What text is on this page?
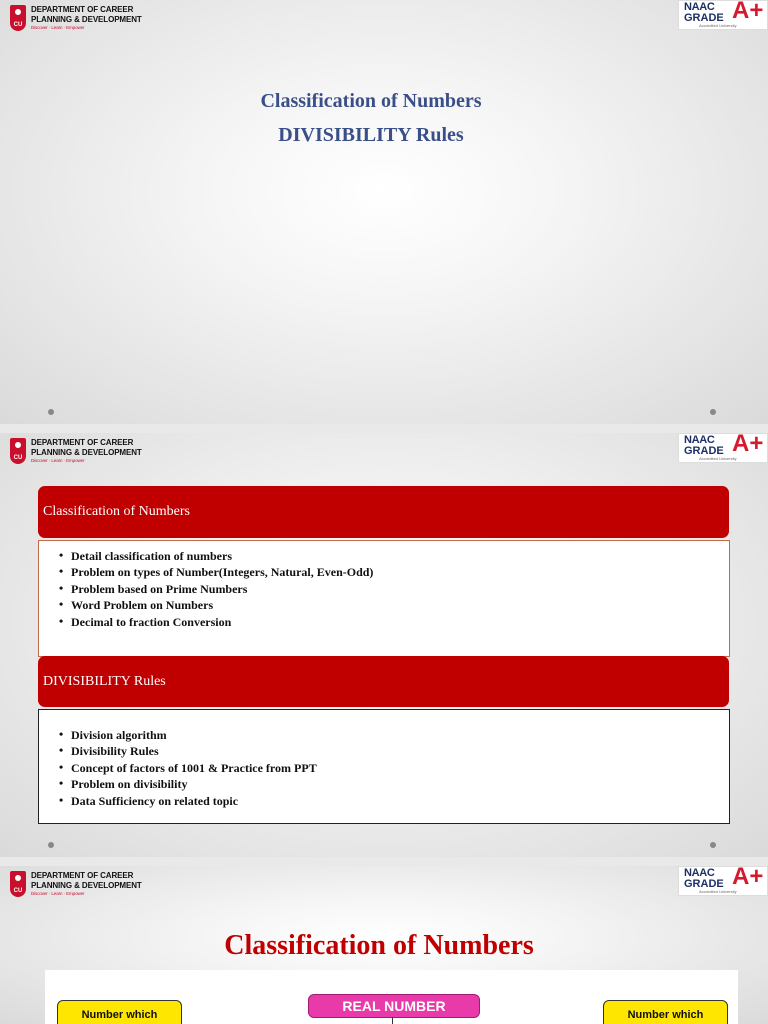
CU
DEPARTMENT OF CAREER
PLANNING & DEVELOPMENT
Discover · Learn · Empower
NAAC
GRADE A+
Accredited University
Classification of Numbers
DIVISIBILITY Rules
CU
DEPARTMENT OF CAREER
PLANNING & DEVELOPMENT
Discover · Learn · Empower
NAAC
GRADE A+
Accredited University
Classification of Numbers
• Detail classification of numbers
• Problem on types of Number(Integers, Natural, Even-Odd)
• Problem based on Prime Numbers
• Word Problem on Numbers
• Decimal to fraction Conversion
DIVISIBILITY Rules
• Division algorithm
• Divisibility Rules
• Concept of factors of 1001 & Practice from PPT
• Problem on divisibility
• Data Sufficiency on related topic
CU
DEPARTMENT OF CAREER
PLANNING & DEVELOPMENT
Discover · Learn · Empower
NAAC
GRADE A+
Accredited University
Classification of Numbers
Number which
REAL NUMBER
Number which
